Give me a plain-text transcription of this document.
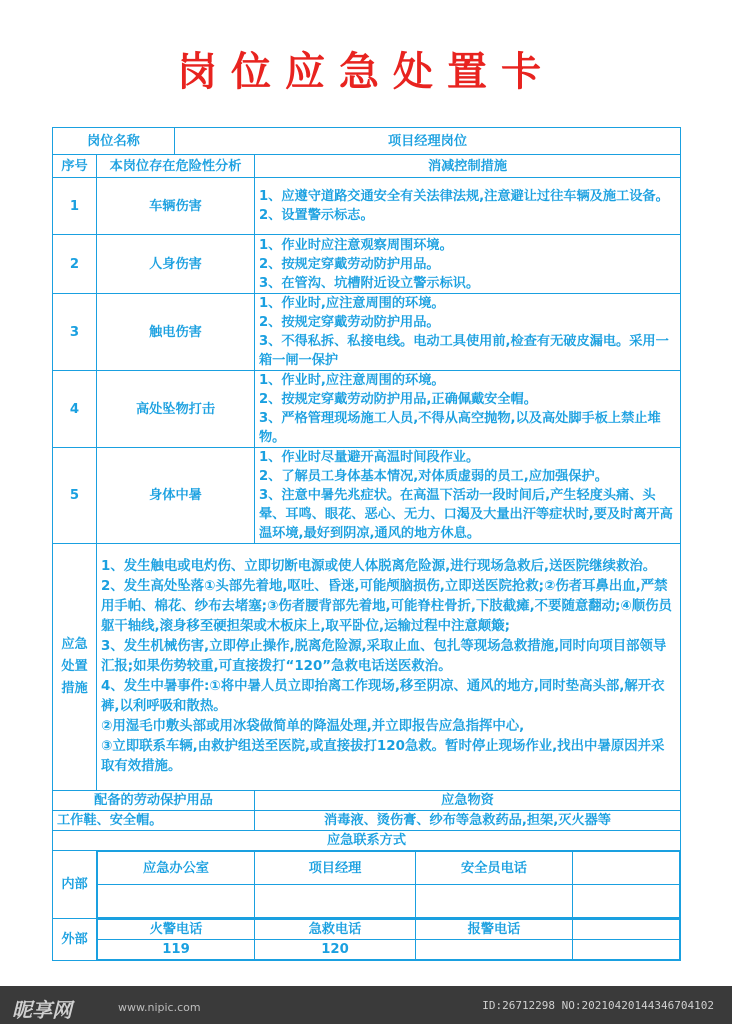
岗位应急处置卡
岗位名称	项目经理岗位
序号	本岗位存在危险性分析	消减控制措施
1	车辆伤害	
1、应遵守道路交通安全有关法律法规,注意避让过往车辆及施工设备。
2、设置警示标志。

2	人身伤害	
1、作业时应注意观察周围环境。
2、按规定穿戴劳动防护用品。
3、在管沟、坑槽附近设立警示标识。

3	触电伤害	
1、作业时,应注意周围的环境。
2、按规定穿戴劳动防护用品。
3、不得私拆、私接电线。电动工具使用前,检查有无破皮漏电。采用一箱一闸一保护

4	高处坠物打击	
1、作业时,应注意周围的环境。
2、按规定穿戴劳动防护用品,正确佩戴安全帽。
3、严格管理现场施工人员,不得从高空抛物,以及高处脚手板上禁止堆物。

5	身体中暑	
1、作业时尽量避开高温时间段作业。
2、了解员工身体基本情况,对体质虚弱的员工,应加强保护。
3、注意中暑先兆症状。在高温下活动一段时间后,产生轻度头痛、头晕、耳鸣、眼花、恶心、无力、口渴及大量出汗等症状时,要及时离开高温环境,最好到阴凉,通风的地方休息。

应急处置措施	
1、发生触电或电灼伤、立即切断电源或使人体脱离危险源,进行现场急救后,送医院继续救治。
2、发生高处坠落①头部先着地,呕吐、昏迷,可能颅脑损伤,立即送医院抢救;②伤者耳鼻出血,严禁用手帕、棉花、纱布去堵塞;③伤者腰背部先着地,可能脊柱骨折,下肢截瘫,不要随意翻动;④顺伤员躯干轴线,滚身移至硬担架或木板床上,取平卧位,运输过程中注意颠簸;
3、发生机械伤害,立即停止操作,脱离危险源,采取止血、包扎等现场急救措施,同时向项目部领导汇报;如果伤势较重,可直接拨打“120”急救电话送医救治。
4、发生中暑事件:①将中暑人员立即抬离工作现场,移至阴凉、通风的地方,同时垫高头部,解开衣裤,以利呼吸和散热。
②用湿毛巾敷头部或用冰袋做简单的降温处理,并立即报告应急指挥中心,
③立即联系车辆,由救护组送至医院,或直接拔打120急救。暂时停止现场作业,找出中暑原因并采取有效措施。

配备的劳动保护用品	应急物资
工作鞋、安全帽。	消毒液、烫伤膏、纱布等急救药品,担架,灭火器等
应急联系方式
内部	
应急办公室	项目经理	安全员电话	

外部	
火警电话	急救电话	报警电话	
119	120		
昵享网	www.nipic.com	ID:26712298 NO:20210420144346704102
